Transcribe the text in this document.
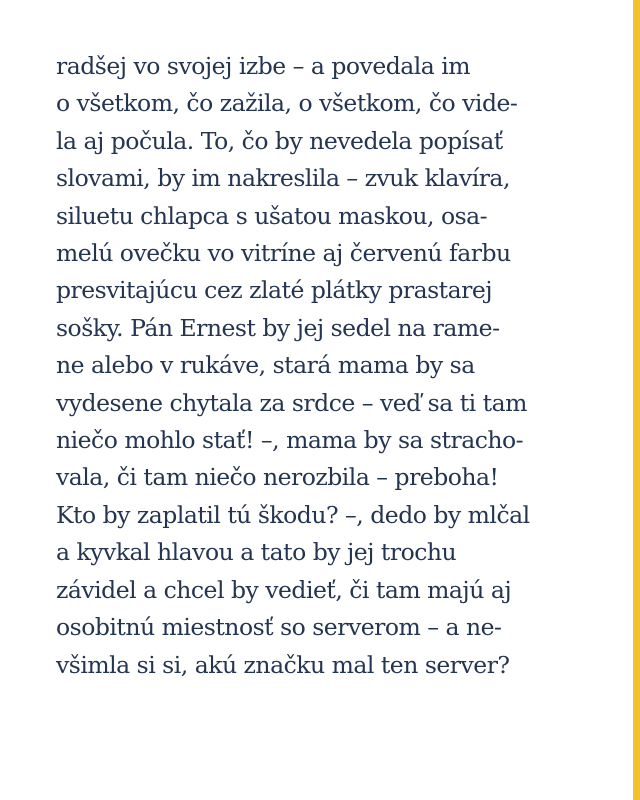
radšej vo svojej izbe – a povedala im
o všetkom, čo zažila, o všetkom, čo vide-
la aj počula. To, čo by nevedela popísať
slovami, by im nakreslila – zvuk klavíra,
siluetu chlapca s ušatou maskou, osa-
melú ovečku vo vitríne aj červenú farbu
presvitajúcu cez zlaté plátky prastarej
sošky. Pán Ernest by jej sedel na rame-
ne alebo v rukáve, stará mama by sa
vydesene chytala za srdce – veď sa ti tam
niečo mohlo stať! –, mama by sa stracho-
vala, či tam niečo nerozbila – preboha!
Kto by zaplatil tú škodu? –, dedo by mlčal
a kyvkal hlavou a tato by jej trochu
závidel a chcel by vedieť, či tam majú aj
osobitnú miestnosť so serverom – a ne-
všimla si si, akú značku mal ten server?
